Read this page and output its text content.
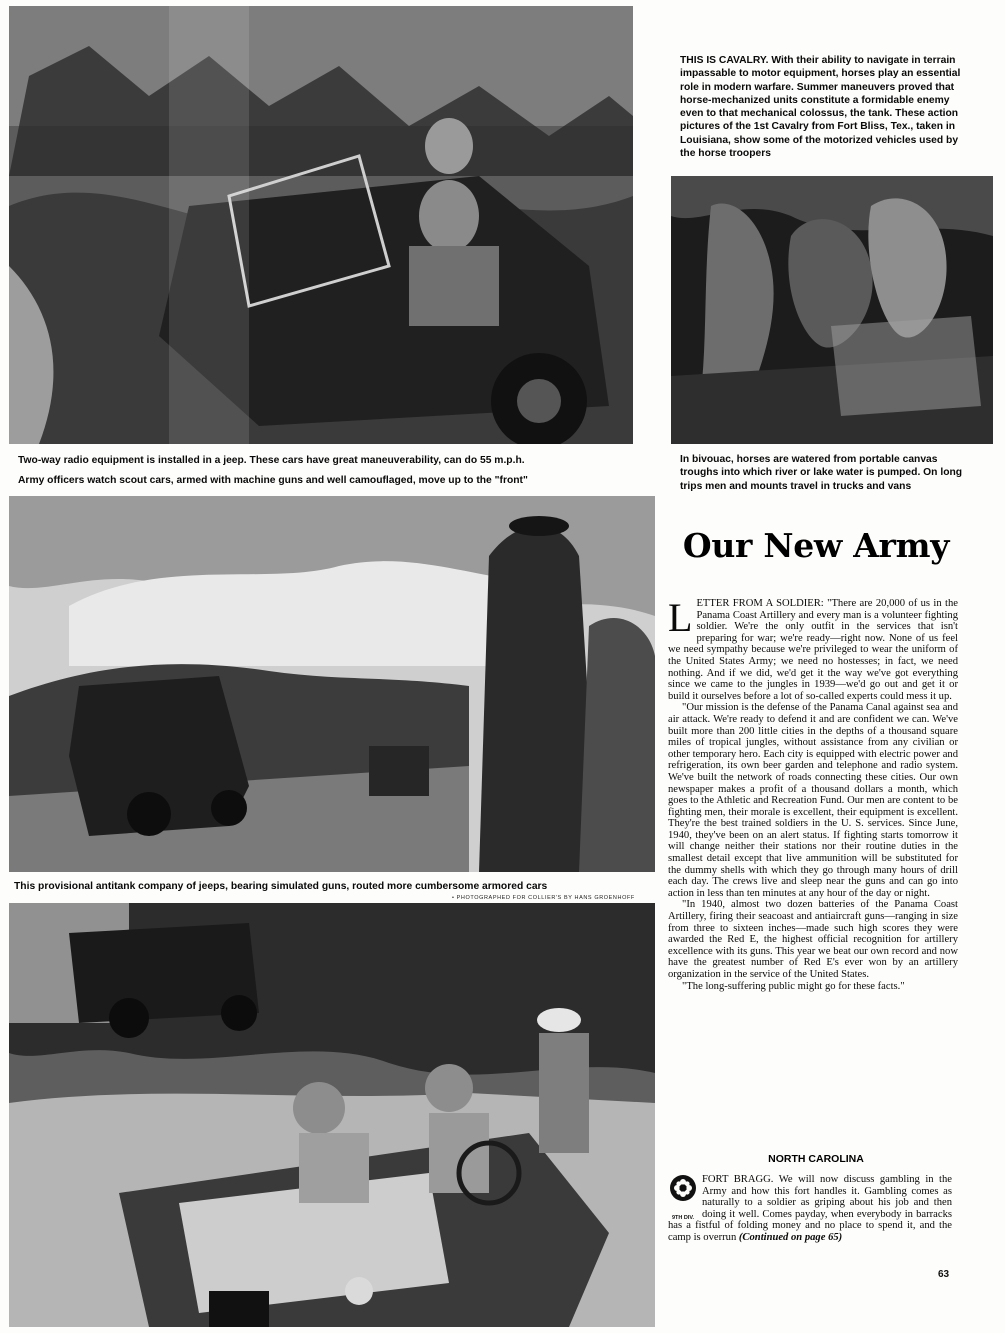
THIS IS CAVALRY. With their ability to navigate in terrain impassable to motor equipment, horses play an essential role in modern warfare. Summer maneuvers proved that horse-mechanized units constitute a formidable enemy even to that mechanical colossus, the tank. These action pictures of the 1st Cavalry from Fort Bliss, Tex., taken in Louisiana, show some of the motorized vehicles used by the horse troopers
Two-way radio equipment is installed in a jeep. These cars have great maneuverability, can do 55 m.p.h.	In bivouac, horses are watered from portable canvas troughs into which river or lake water is pumped. On long trips men and mounts travel in trucks and vans
Army officers watch scout cars, armed with machine guns and well camouflaged, move up to the "front"
This provisional antitank company of jeeps, bearing simulated guns, routed more cumbersome armored cars
• PHOTOGRAPHED FOR COLLIER'S BY HANS GROENHOFF
Our New Army

LETTER FROM A SOLDIER: "There are 20,000 of us in the Panama Coast Artillery and every man is a volunteer fighting soldier. We're the only outfit in the services that isn't preparing for war; we're ready—right now. None of us feel we need sympathy because we're privileged to wear the uniform of the United States Army; we need no hostesses; in fact, we need nothing. And if we did, we'd get it the way we've got everything since we came to the jungles in 1939—we'd go out and get it or build it ourselves before a lot of so-called experts could mess it up.

"Our mission is the defense of the Panama Canal against sea and air attack. We're ready to defend it and are confident we can. We've built more than 200 little cities in the depths of a thousand square miles of tropical jungles, without assistance from any civilian or other temporary hero. Each city is equipped with electric power and refrigeration, its own beer garden and telephone and radio system. We've built the network of roads connecting these cities. Our own newspaper makes a profit of a thousand dollars a month, which goes to the Athletic and Recreation Fund. Our men are content to be fighting men, their morale is excellent, their equipment is excellent. They're the best trained soldiers in the U. S. services. Since June, 1940, they've been on an alert status. If fighting starts tomorrow it will change neither their stations nor their routine duties in the smallest detail except that live ammunition will be substituted for the dummy shells with which they go through many hours of drill each day. The crews live and sleep near the guns and can go into action in less than ten minutes at any hour of the day or night.

"In 1940, almost two dozen batteries of the Panama Coast Artillery, firing their seacoast and antiaircraft guns—ranging in size from three to sixteen inches—made such high scores they were awarded the Red E, the highest official recognition for artillery excellence with its guns. This year we beat our own record and now have the greatest number of Red E's ever won by an artillery organization in the service of the United States.

"The long-suffering public might go for these facts."

NORTH CAROLINA
9TH DIV.

FORT BRAGG. We will now discuss gambling in the Army and how this fort handles it. Gambling comes as naturally to a soldier as griping about his job and then doing it well. Comes payday, when everybody in barracks has a fistful of folding money and no place to spend it, and the camp is overrun (Continued on page 65)

63
